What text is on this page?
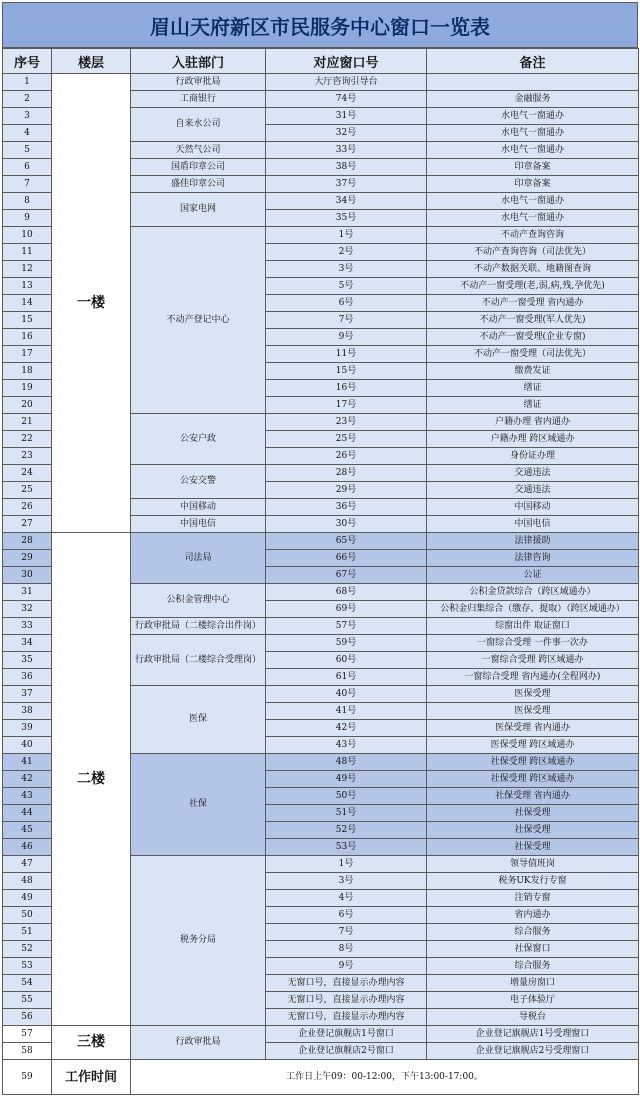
眉山天府新区市民服务中心窗口一览表
序号	楼层	入驻部门	对应窗口号	备注
1	一楼	行政审批局	大厅咨询引导台	
2		工商银行	74号	金融服务
3		自来水公司	31号	水电气一窗通办
4			32号	水电气一窗通办
5		天然气公司	33号	水电气一窗通办
6		国盾印章公司	38号	印章备案
7		盛佳印章公司	37号	印章备案
8		国家电网	34号	水电气一窗通办
9			35号	水电气一窗通办
10		不动产登记中心	1号	不动产查询咨询
11			2号	不动产查询咨询（司法优先）
12			3号	不动产数据关联、地籍图查询
13			5号	不动产一窗受理(老,弱,病,残,孕优先)
14			6号	不动产一窗受理 省内通办
15			7号	不动产一窗受理(军人优先)
16			9号	不动产一窗受理(企业专窗)
17			11号	不动产一窗受理（司法优先）
18			15号	缴费发证
19			16号	缮证
20			17号	缮证
21		公安户政	23号	户籍办理 省内通办
22			25号	户籍办理 跨区域通办
23			26号	身份证办理
24		公安交警	28号	交通违法
25			29号	交通违法
26		中国移动	36号	中国移动
27		中国电信	30号	中国电信
28	二楼	司法局	65号	法律援助
29			66号	法律咨询
30			67号	公证
31		公积金管理中心	68号	公积金贷款综合（跨区域通办）
32			69号	公积金归集综合（缴存、提取）（跨区域通办）
33		行政审批局（二楼综合出件岗）	57号	综窗出件 取证窗口
34		行政审批局（二楼综合受理岗）	59号	一窗综合受理 一件事一次办
35			60号	一窗综合受理 跨区域通办
36			61号	一窗综合受理 省内通办(全程网办)
37		医保	40号	医保受理
38			41号	医保受理
39			42号	医保受理 省内通办
40			43号	医保受理 跨区域通办
41		社保	48号	社保受理 跨区域通办
42			49号	社保受理 跨区域通办
43			50号	社保受理 省内通办
44			51号	社保受理
45			52号	社保受理
46			53号	社保受理
47		税务分局	1号	领导值班岗
48			3号	税务UK发行专窗
49			4号	注销专窗
50			6号	省内通办
51			7号	综合服务
52			8号	社保窗口
53			9号	综合服务
54			无窗口号，直接显示办理内容	增量房窗口
55			无窗口号，直接显示办理内容	电子体验厅
56			无窗口号，直接显示办理内容	导税台
57	三楼	行政审批局	企业登记旗舰店1号窗口	企业登记旗舰店1号受理窗口
58			企业登记旗舰店2号窗口	企业登记旗舰店2号受理窗口
59	工作时间	工作日上午09：00-12:00，下午13:00-17:00。		
